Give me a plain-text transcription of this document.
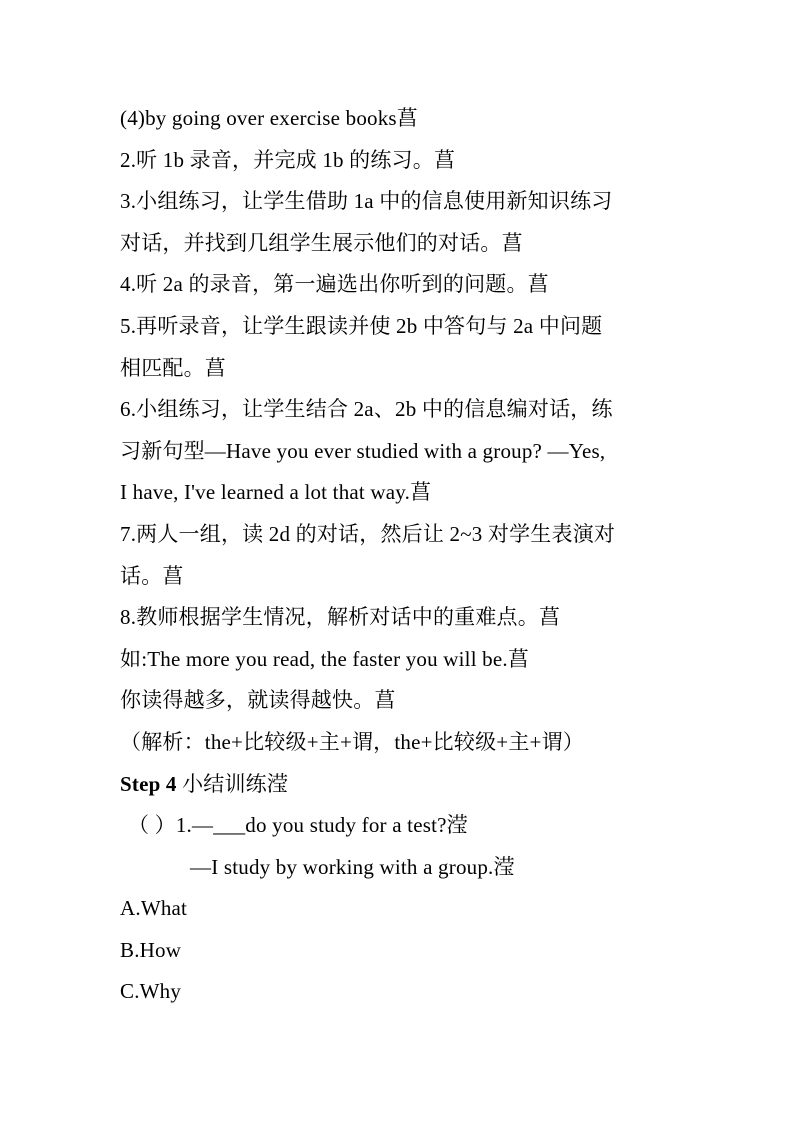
(4)by going over exercise books菖
2.听 1b 录音，并完成 1b 的练习。菖
3.小组练习，让学生借助 1a 中的信息使用新知识练习
对话，并找到几组学生展示他们的对话。菖
4.听 2a 的录音，第一遍选出你听到的问题。菖
5.再听录音，让学生跟读并使 2b 中答句与 2a 中问题
相匹配。菖
6.小组练习，让学生结合 2a、2b 中的信息编对话，练
习新句型—Have you ever studied with a group? —Yes,
I have, I've learned a lot that way.菖
7.两人一组，读 2d 的对话，然后让 2~3 对学生表演对
话。菖
8.教师根据学生情况，解析对话中的重难点。菖
如:The more you read, the faster you will be.菖
你读得越多，就读得越快。菖
（解析：the+比较级+主+谓，the+比较级+主+谓）
Step 4 小结训练滢
（ ）1.—___do you study for a test?滢
—I study by working with a group.滢
A.What
B.How
C.Why
